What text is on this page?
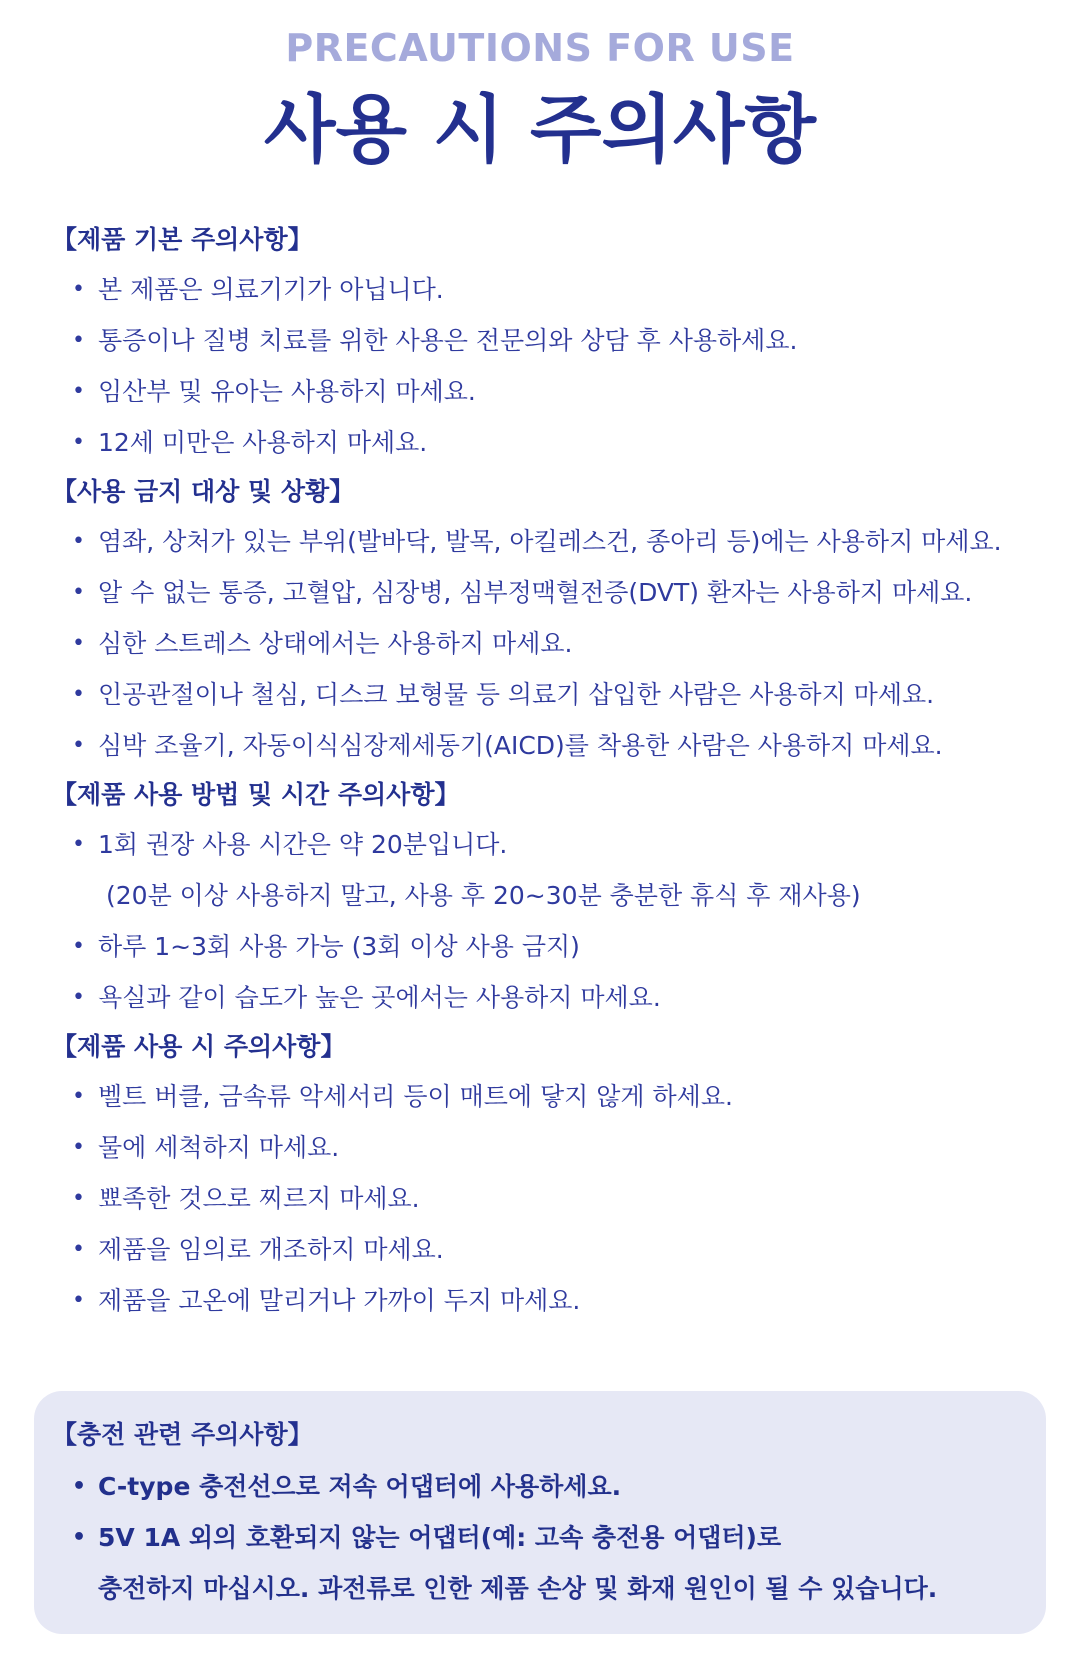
PRECAUTIONS FOR USE
사용 시 주의사항
【제품 기본 주의사항】
• 본 제품은 의료기기가 아닙니다.
• 통증이나 질병 치료를 위한 사용은 전문의와 상담 후 사용하세요.
• 임산부 및 유아는 사용하지 마세요.
• 12세 미만은 사용하지 마세요.
【사용 금지 대상 및 상황】
• 염좌, 상처가 있는 부위(발바닥, 발목, 아킬레스건, 종아리 등)에는 사용하지 마세요.
• 알 수 없는 통증, 고혈압, 심장병, 심부정맥혈전증(DVT) 환자는 사용하지 마세요.
• 심한 스트레스 상태에서는 사용하지 마세요.
• 인공관절이나 철심, 디스크 보형물 등 의료기 삽입한 사람은 사용하지 마세요.
• 심박 조율기, 자동이식심장제세동기(AICD)를 착용한 사람은 사용하지 마세요.
【제품 사용 방법 및 시간 주의사항】
• 1회 권장 사용 시간은 약 20분입니다.
(20분 이상 사용하지 말고, 사용 후 20~30분 충분한 휴식 후 재사용)
• 하루 1~3회 사용 가능 (3회 이상 사용 금지)
• 욕실과 같이 습도가 높은 곳에서는 사용하지 마세요.
【제품 사용 시 주의사항】
• 벨트 버클, 금속류 악세서리 등이 매트에 닿지 않게 하세요.
• 물에 세척하지 마세요.
• 뾰족한 것으로 찌르지 마세요.
• 제품을 임의로 개조하지 마세요.
• 제품을 고온에 말리거나 가까이 두지 마세요.
【충전 관련 주의사항】
• C-type 충전선으로 저속 어댑터에 사용하세요.
• 5V 1A 외의 호환되지 않는 어댑터(예: 고속 충전용 어댑터)로
충전하지 마십시오. 과전류로 인한 제품 손상 및 화재 원인이 될 수 있습니다.
